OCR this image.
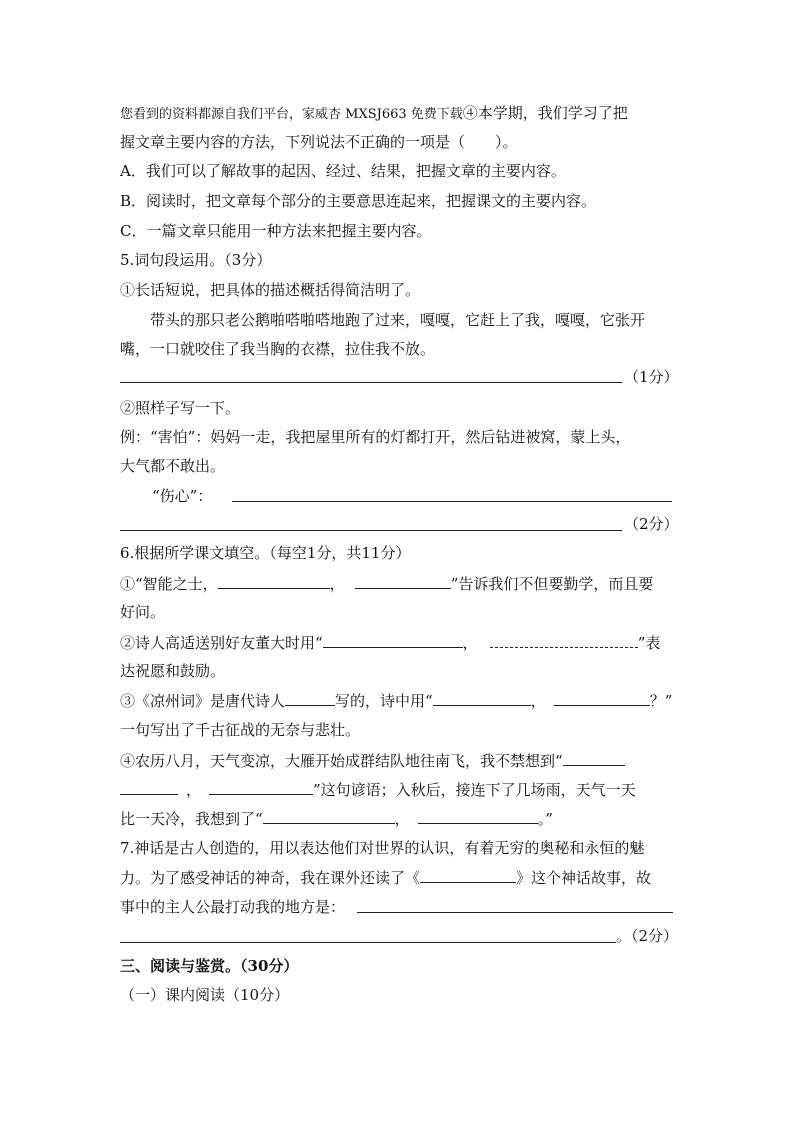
您看到的资料都源自我们平台，家威杏 MXSJ663 免费下载④本学期，我们学习了把
握文章主要内容的方法，下列说法不正确的一项是（　　）。
A．我们可以了解故事的起因、经过、结果，把握文章的主要内容。
B．阅读时，把文章每个部分的主要意思连起来，把握课文的主要内容。
C．一篇文章只能用一种方法来把握主要内容。
5.词句段运用。（3分）
①长话短说，把具体的描述概括得简洁明了。
带头的那只老公鹅啪嗒啪嗒地跑了过来，嘎嘎，它赶上了我，嘎嘎，它张开
嘴，一口就咬住了我当胸的衣襟，拉住我不放。
（1分）
②照样子写一下。
例：“害怕”：妈妈一走，我把屋里所有的灯都打开，然后钻进被窝，蒙上头，
大气都不敢出。
“伤心”：
（2分）
6.根据所学课文填空。（每空1分，共11分）
①“智能之士，	，	”告诉我们不但要勤学，而且要
好问。
②诗人高适送别好友董大时用“	，	”表
达祝愿和鼓励。
③《凉州词》是唐代诗人	写的，诗中用“	，	？”
一句写出了千古征战的无奈与悲壮。
④农历八月，天气变凉，大雁开始成群结队地往南飞，我不禁想到“
，	”这句谚语；入秋后，接连下了几场雨，天气一天
比一天冷，我想到了“	，	。”
7.神话是古人创造的，用以表达他们对世界的认识，有着无穷的奥秘和永恒的魅
力。为了感受神话的神奇，我在课外还读了《	》这个神话故事，故
事中的主人公最打动我的地方是：
。（2分）
三、阅读与鉴赏。（30分）
（一）课内阅读（10分）
